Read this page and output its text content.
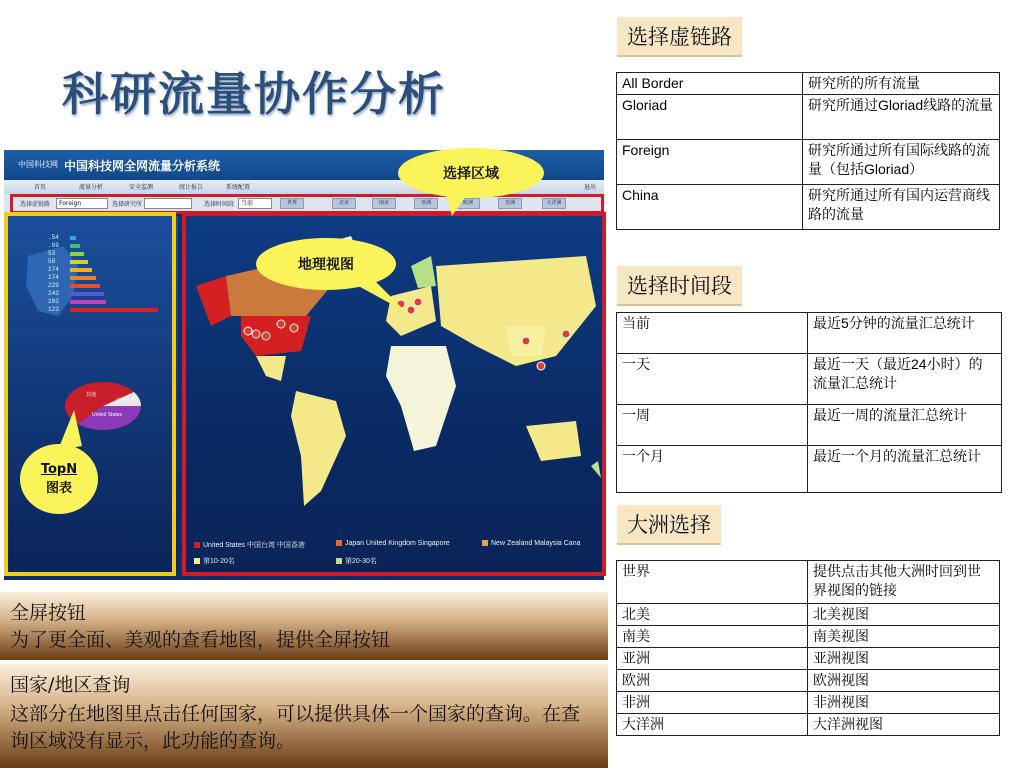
科研流量协作分析
选择虚链路
All Border	研究所的所有流量
Gloriad	研究所通过Gloriad线路的流量
Foreign	研究所通过所有国际线路的流量（包括Gloriad）
China	研究所通过所有国内运营商线路的流量
选择时间段
当前	最近5分钟的流量汇总统计
一天	最近一天（最近24小时）的流量汇总统计
一周	最近一周的流量汇总统计
一个月	最近一个月的流量汇总统计
大洲选择
世界	提供点击其他大洲时回到世界视图的链接
北美	北美视图
南美	南美视图
亚洲	亚洲视图
欧洲	欧洲视图
非洲	非洲视图
大洋洲	大洋洲视图
中国科技网 中国科技网全网流量分析系统
首页	流量分析	安全监测	统计报告	系统配置	退出
选择虚链路	Foreign	选择研究所	选择时间段	当前	世界	北美	南美	亚洲	欧洲	非洲	大洋洲
.54
.69
53
58
174
174
229
243
103
123
其他
中国台湾
United States
United States 中国台湾 中国香港	Japan United Kingdom Singapore	New Zealand Malaysia Cana
第10-20名	第20-30名
选择区域
地理视图
TopN
图表
全屏按钮
为了更全面、美观的查看地图，提供全屏按钮
国家/地区查询
这部分在地图里点击任何国家，可以提供具体一个国家的查询。在查询区域没有显示，此功能的查询。
